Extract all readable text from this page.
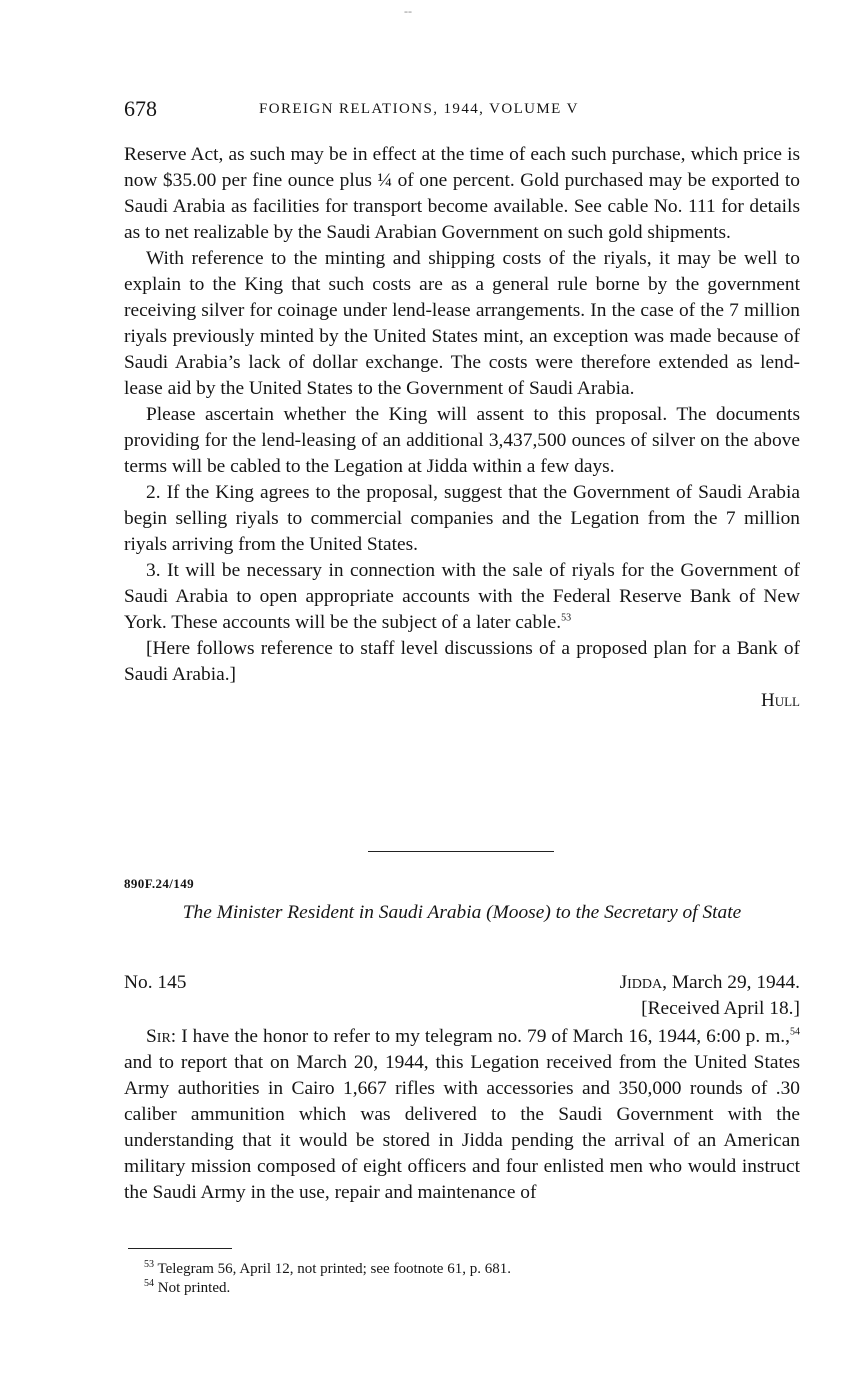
--
678	FOREIGN RELATIONS, 1944, VOLUME V

Reserve Act, as such may be in effect at the time of each such purchase, which price is now $35.00 per fine ounce plus ¼ of one percent. Gold purchased may be exported to Saudi Arabia as facilities for transport become available. See cable No. 111 for details as to net realizable by the Saudi Arabian Government on such gold shipments.

With reference to the minting and shipping costs of the riyals, it may be well to explain to the King that such costs are as a general rule borne by the government receiving silver for coinage under lend-lease arrangements. In the case of the 7 million riyals previously minted by the United States mint, an exception was made because of Saudi Arabia’s lack of dollar exchange. The costs were therefore extended as lend-lease aid by the United States to the Government of Saudi Arabia.

Please ascertain whether the King will assent to this proposal. The documents providing for the lend-leasing of an additional 3,437,500 ounces of silver on the above terms will be cabled to the Legation at Jidda within a few days.

2. If the King agrees to the proposal, suggest that the Government of Saudi Arabia begin selling riyals to commercial companies and the Legation from the 7 million riyals arriving from the United States.

3. It will be necessary in connection with the sale of riyals for the Government of Saudi Arabia to open appropriate accounts with the Federal Reserve Bank of New York. These accounts will be the subject of a later cable.$^{53}$

[Here follows reference to staff level discussions of a proposed plan for a Bank of Saudi Arabia.]

Hull

890F.24/149
The Minister Resident in Saudi Arabia (Moose) to the Secretary of State
No. 145	Jidda, March 29, 1944.
[Received April 18.]

Sir: I have the honor to refer to my telegram no. 79 of March 16, 1944, 6:00 p. m.,$^{54}$ and to report that on March 20, 1944, this Legation received from the United States Army authorities in Cairo 1,667 rifles with accessories and 350,000 rounds of .30 caliber ammunition which was delivered to the Saudi Government with the understanding that it would be stored in Jidda pending the arrival of an American military mission composed of eight officers and four enlisted men who would instruct the Saudi Army in the use, repair and maintenance of

$^{53}$ Telegram 56, April 12, not printed; see footnote 61, p. 681.

$^{54}$ Not printed.
